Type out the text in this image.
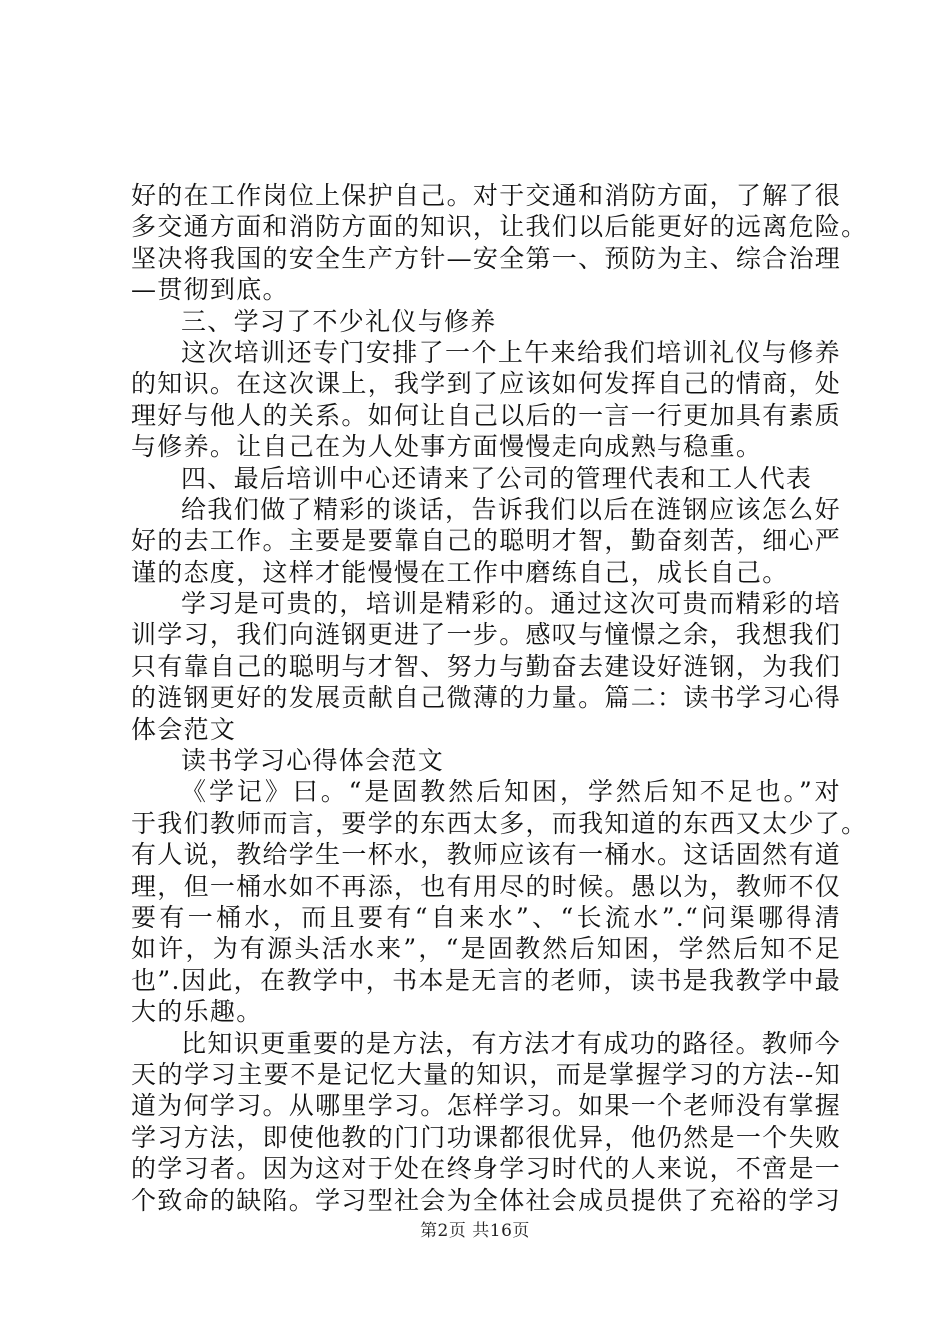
好的在工作岗位上保护自己。对于交通和消防方面，了解了很
多交通方面和消防方面的知识，让我们以后能更好的远离危险。
坚决将我国的安全生产方针—安全第一、预防为主、综合治理
—贯彻到底。
三、学习了不少礼仪与修养
这次培训还专门安排了一个上午来给我们培训礼仪与修养
的知识。在这次课上，我学到了应该如何发挥自己的情商，处
理好与他人的关系。如何让自己以后的一言一行更加具有素质
与修养。让自己在为人处事方面慢慢走向成熟与稳重。
四、最后培训中心还请来了公司的管理代表和工人代表
给我们做了精彩的谈话，告诉我们以后在涟钢应该怎么好
好的去工作。主要是要靠自己的聪明才智，勤奋刻苦，细心严
谨的态度，这样才能慢慢在工作中磨练自己，成长自己。
学习是可贵的，培训是精彩的。通过这次可贵而精彩的培
训学习，我们向涟钢更进了一步。感叹与憧憬之余，我想我们
只有靠自己的聪明与才智、努力与勤奋去建设好涟钢，为我们
的涟钢更好的发展贡献自己微薄的力量。篇二：读书学习心得
体会范文
读书学习心得体会范文
《学记》曰。“是固教然后知困，学然后知不足也。”对
于我们教师而言，要学的东西太多，而我知道的东西又太少了。
有人说，教给学生一杯水，教师应该有一桶水。这话固然有道
理，但一桶水如不再添，也有用尽的时候。愚以为，教师不仅
要有一桶水，而且要有“自来水”、“长流水”.“问渠哪得清
如许，为有源头活水来”，“是固教然后知困，学然后知不足
也”.因此，在教学中，书本是无言的老师，读书是我教学中最
大的乐趣。
比知识更重要的是方法，有方法才有成功的路径。教师今
天的学习主要不是记忆大量的知识，而是掌握学习的方法--知
道为何学习。从哪里学习。怎样学习。如果一个老师没有掌握
学习方法，即使他教的门门功课都很优异，他仍然是一个失败
的学习者。因为这对于处在终身学习时代的人来说，不啻是一
个致命的缺陷。学习型社会为全体社会成员提供了充裕的学习
第2页 共16页
